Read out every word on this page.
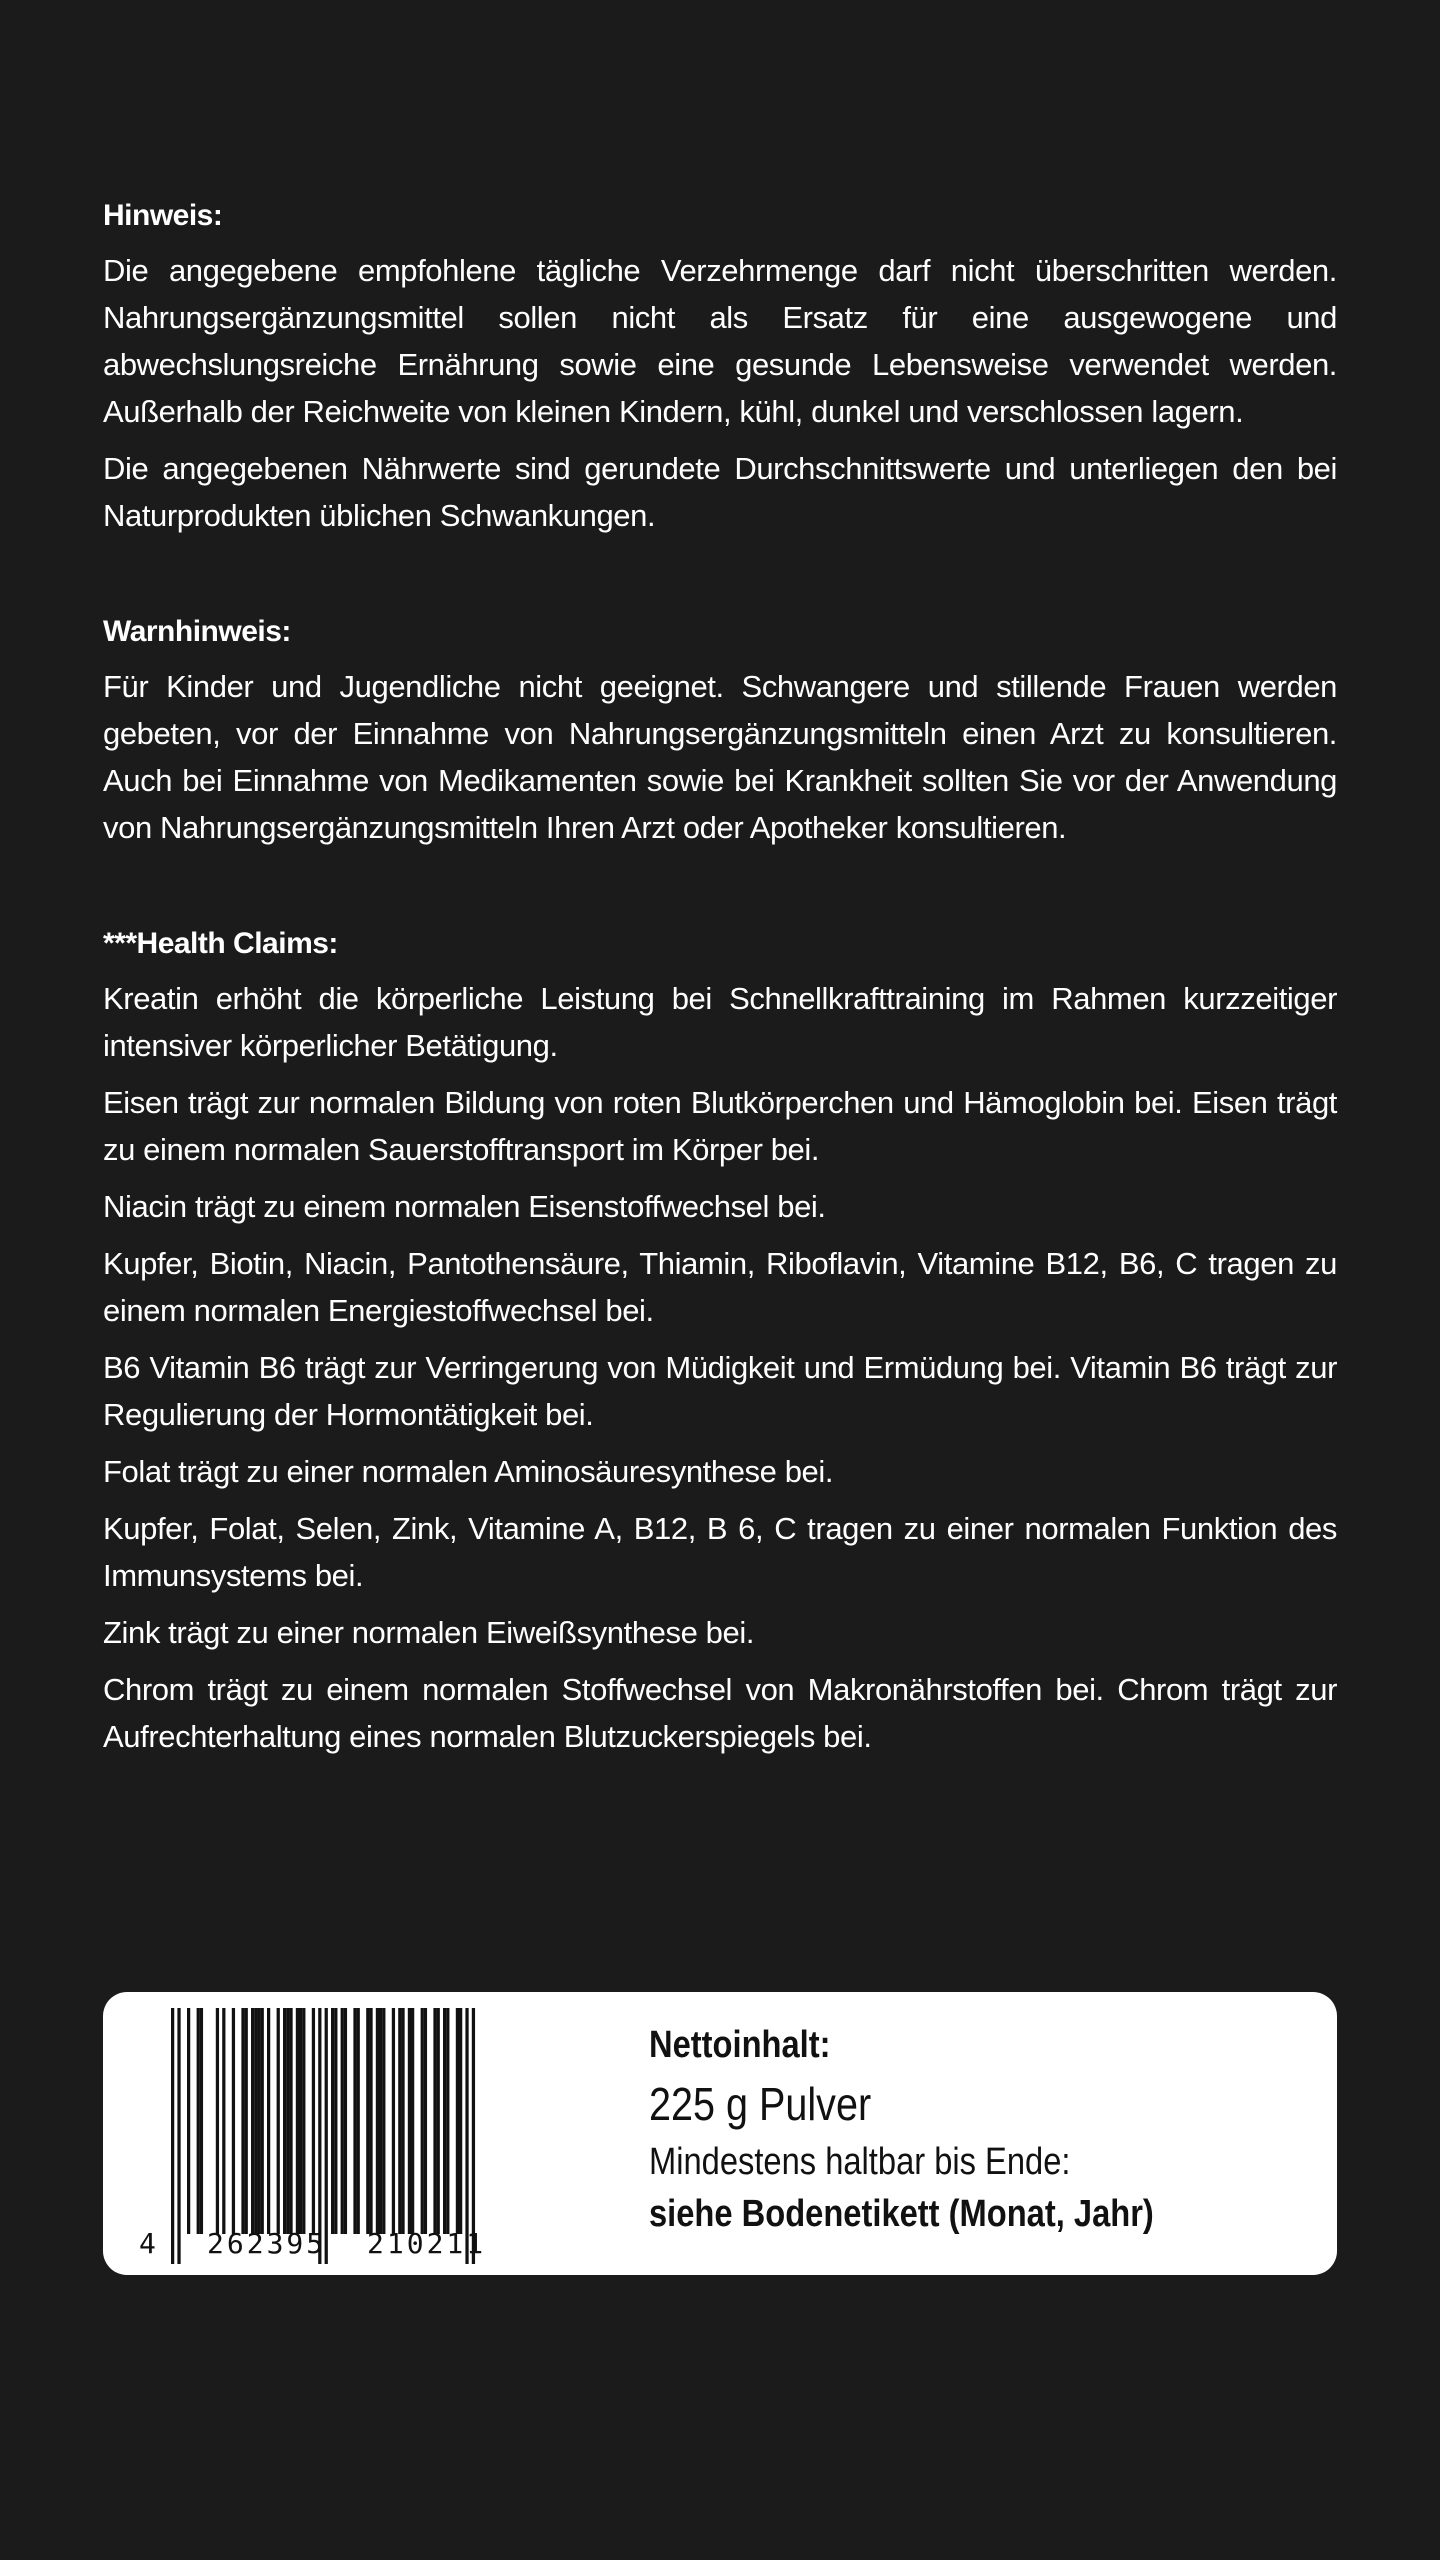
Hinweis:

Die angegebene empfohlene tägliche Verzehrmenge darf nicht überschritten werden. Nahrungsergänzungsmittel sollen nicht als Ersatz für eine ausgewogene und abwechslungsreiche Ernährung sowie eine gesunde Lebensweise verwendet werden. Außerhalb der Reichweite von kleinen Kindern, kühl, dunkel und verschlossen lagern.

Die angegebenen Nährwerte sind gerundete Durchschnittswerte und unterliegen den bei Naturprodukten üblichen Schwankungen.

Warnhinweis:

Für Kinder und Jugendliche nicht geeignet. Schwangere und stillende Frauen werden gebeten, vor der Einnahme von Nahrungsergänzungsmitteln einen Arzt zu konsultieren. Auch bei Einnahme von Medikamenten sowie bei Krankheit sollten Sie vor der Anwendung von Nahrungsergänzungsmitteln Ihren Arzt oder Apotheker konsultieren.

***Health Claims:

Kreatin erhöht die körperliche Leistung bei Schnellkrafttraining im Rahmen kurzzeitiger intensiver körperlicher Betätigung.

Eisen trägt zur normalen Bildung von roten Blutkörperchen und Hämoglobin bei. Eisen trägt zu einem normalen Sauerstofftransport im Körper bei.

Niacin trägt zu einem normalen Eisenstoffwechsel bei.

Kupfer, Biotin, Niacin, Pantothensäure, Thiamin, Riboflavin, Vitamine B12, B6, C tragen zu einem normalen Energiestoffwechsel bei.

B6 Vitamin B6 trägt zur Verringerung von Müdigkeit und Ermüdung bei. Vitamin B6 trägt zur Regulierung der Hormontätigkeit bei.

Folat trägt zu einer normalen Aminosäuresynthese bei.

Kupfer, Folat, Selen, Zink, Vitamine A, B12, B 6, C tragen zu einer normalen Funktion des Immunsystems bei.

Zink trägt zu einer normalen Eiweißsynthese bei.

Chrom trägt zu einem normalen Stoffwechsel von Makronährstoffen bei. Chrom trägt zur Aufrechterhaltung eines normalen Blutzuckerspiegels bei.

4 262395 210211
Nettoinhalt:
225 g Pulver
Mindestens haltbar bis Ende:
siehe Bodenetikett (Monat, Jahr)
